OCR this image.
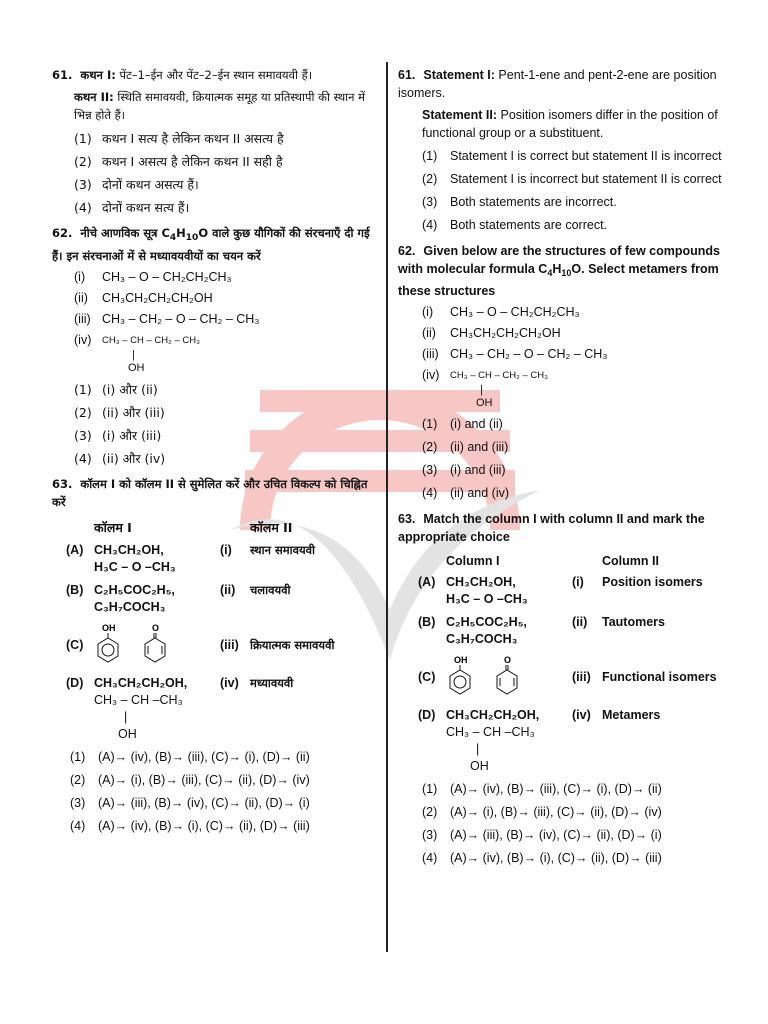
61. कथन I: पेंट–1–ईन और पेंट–2–ईन स्थान समावयवी हैं।
कथन II: स्थिति समावयवी, क्रियात्मक समूह या प्रतिस्थापी की स्थान में भिन्न होते हैं।
(1) कथन I सत्य है लेकिन कथन II असत्य है
(2) कथन I असत्य है लेकिन कथन II सही है
(3) दोनों कथन असत्य हैं।
(4) दोनों कथन सत्य हैं।
62. नीचे आणविक सूत्र $C_4H_{10}O$ वाले कुछ यौगिकों की संरचनाएँ दी गई हैं। इन संरचनाओं में से मध्यावयवीयों का चयन करें
(i)	CH₃ – O – CH₂CH₂CH₃
(ii)	CH₃CH₂CH₂CH₂OH
(iii) CH₃ – CH₂ – O – CH₂ – CH₃
(iv)	CH₃ – CH – CH₂ – CH₃
|
OH
(1) (i) और (ii)
(2) (ii) और (iii)
(3) (i) और (iii)
(4) (ii) और (iv)
63. कॉलम I को कॉलम II से सुमेलित करें और उचित विकल्प को चिह्नित करें
कॉलम I	कॉलम II
(A) CH₃CH₂OH,
H₃C – O –CH₃
(i)	स्थान समावयवी
(B) C₂H₅COC₂H₅,
C₃H₇COCH₃
(ii)	चलावयवी
(C)
OH	O
(iii) क्रियात्मक समावयवी
(D) CH₃CH₂CH₂OH,
CH₃ – CH –CH₃
|
OH
(iv) मध्यावयवी
(1)	(A)→ (iv), (B)→ (iii), (C)→ (i), (D)→ (ii)
(2)	(A)→ (i), (B)→ (iii), (C)→ (ii), (D)→ (iv)
(3)	(A)→ (iii), (B)→ (iv), (C)→ (ii), (D)→ (i)
(4)	(A)→ (iv), (B)→ (i), (C)→ (ii), (D)→ (iii)
61. Statement I: Pent-1-ene and pent-2-ene are position isomers.
Statement II: Position isomers differ in the position of functional group or a substituent.
(1)	Statement I is correct but statement II is incorrect
(2)	Statement I is incorrect but statement II is correct
(3)	Both statements are incorrect.
(4)	Both statements are correct.
62. Given below are the structures of few compounds with molecular formula $C_4H_{10}O$. Select metamers from these structures
(i)	CH₃ – O – CH₂CH₂CH₃
(ii)	CH₃CH₂CH₂CH₂OH
(iii) CH₃ – CH₂ – O – CH₂ – CH₃
(iv)	CH₃ – CH – CH₂ – CH₃
|
OH
(1)	(i) and (ii)
(2)	(ii) and (iii)
(3)	(i) and (iii)
(4)	(ii) and (iv)
63. Match the column I with column II and mark the appropriate choice
Column I	Column II
(A) CH₃CH₂OH,
H₃C – O –CH₃
(i)	Position isomers
(B) C₂H₅COC₂H₅,
C₃H₇COCH₃
(ii)	Tautomers
(C)
OH	O
(iii) Functional isomers
(D) CH₃CH₂CH₂OH,
CH₃ – CH –CH₃
|
OH
(iv) Metamers
(1)	(A)→ (iv), (B)→ (iii), (C)→ (i), (D)→ (ii)
(2)	(A)→ (i), (B)→ (iii), (C)→ (ii), (D)→ (iv)
(3)	(A)→ (iii), (B)→ (iv), (C)→ (ii), (D)→ (i)
(4)	(A)→ (iv), (B)→ (i), (C)→ (ii), (D)→ (iii)
